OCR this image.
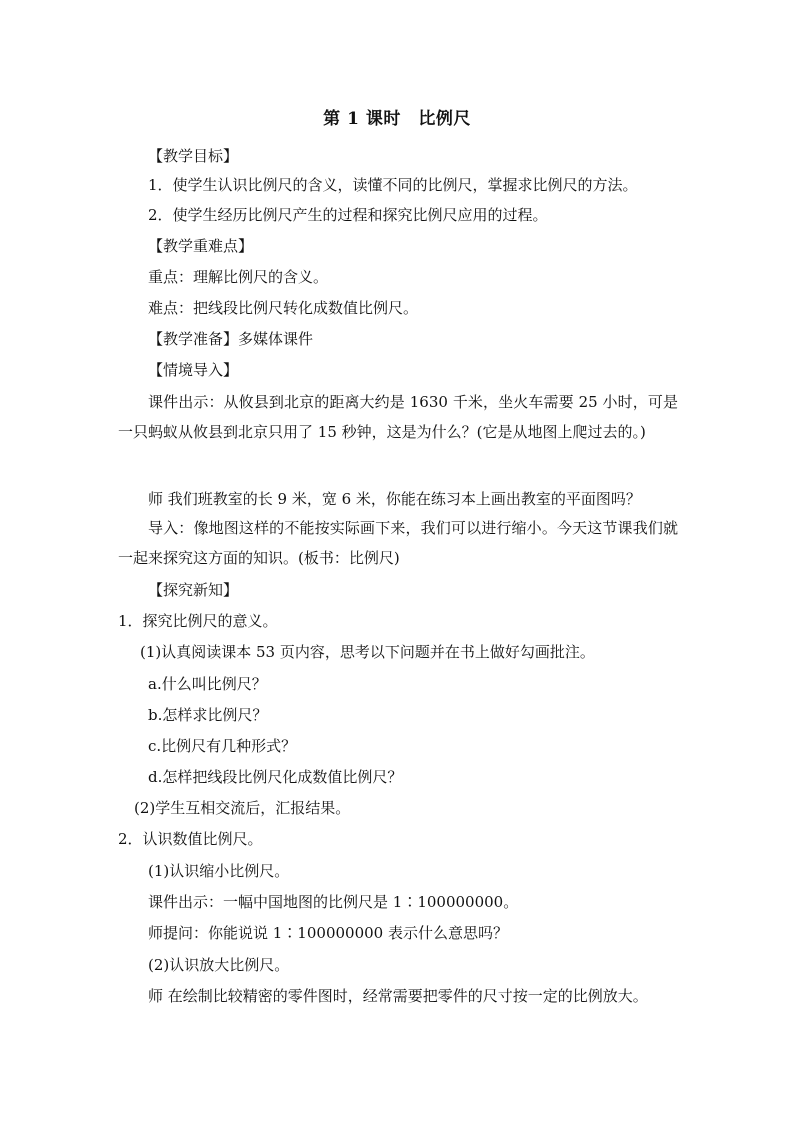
第 1 课时　比例尺
【教学目标】
1．使学生认识比例尺的含义，读懂不同的比例尺，掌握求比例尺的方法。
2．使学生经历比例尺产生的过程和探究比例尺应用的过程。
【教学重难点】
重点：理解比例尺的含义。
难点：把线段比例尺转化成数值比例尺。
【教学准备】多媒体课件
【情境导入】
课件出示：从攸县到北京的距离大约是 1630 千米，坐火车需要 25 小时，可是一只蚂蚁从攸县到北京只用了 15 秒钟，这是为什么？(它是从地图上爬过去的。)
师 我们班教室的长 9 米，宽 6 米，你能在练习本上画出教室的平面图吗？
导入：像地图这样的不能按实际画下来，我们可以进行缩小。今天这节课我们就一起来探究这方面的知识。(板书：比例尺)
【探究新知】
1．探究比例尺的意义。
(1)认真阅读课本 53 页内容，思考以下问题并在书上做好勾画批注。
a.什么叫比例尺？
b.怎样求比例尺？
c.比例尺有几种形式？
d.怎样把线段比例尺化成数值比例尺？
(2)学生互相交流后，汇报结果。
2．认识数值比例尺。
(1)认识缩小比例尺。
课件出示：一幅中国地图的比例尺是 1∶100000000。
师提问：你能说说 1∶100000000 表示什么意思吗？
(2)认识放大比例尺。
师 在绘制比较精密的零件图时，经常需要把零件的尺寸按一定的比例放大。
